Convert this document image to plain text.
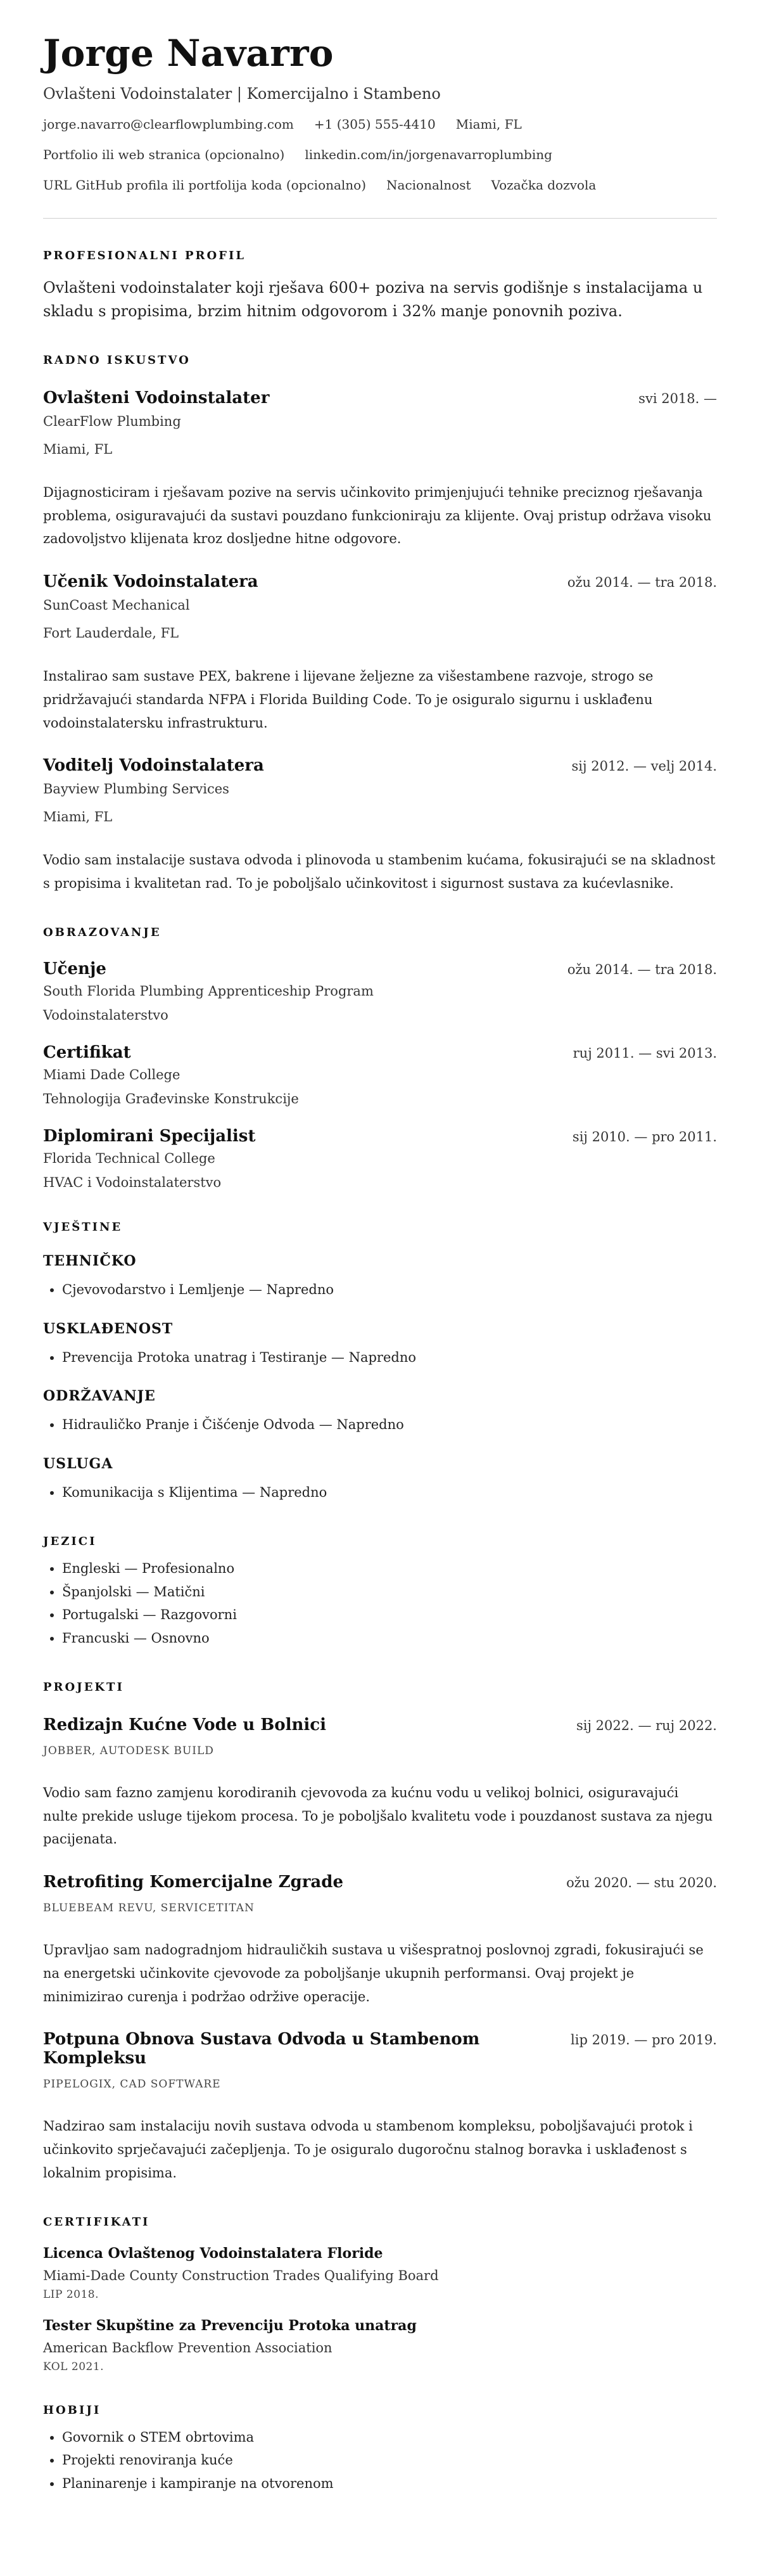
Jorge Navarro
Ovlašteni Vodoinstalater | Komercijalno i Stambeno
jorge.navarro@clearflowplumbing.com +1 (305) 555-4410 Miami, FL
Portfolio ili web stranica (opcionalno) linkedin.com/in/jorgenavarroplumbing
URL GitHub profila ili portfolija koda (opcionalno) Nacionalnost Vozačka dozvola
PROFESIONALNI PROFIL
Ovlašteni vodoinstalater koji rješava 600+ poziva na servis godišnje s instalacijama u skladu s propisima, brzim hitnim odgovorom i 32% manje ponovnih poziva.
RADNO ISKUSTVO
Ovlašteni Vodoinstalater	svi 2018. —
ClearFlow Plumbing
Miami, FL
Dijagnosticiram i rješavam pozive na servis učinkovito primjenjujući tehnike preciznog rješavanja problema, osiguravajući da sustavi pouzdano funkcioniraju za klijente. Ovaj pristup održava visoku zadovoljstvo klijenata kroz dosljedne hitne odgovore.
Učenik Vodoinstalatera	ožu 2014. — tra 2018.
SunCoast Mechanical
Fort Lauderdale, FL
Instalirao sam sustave PEX, bakrene i lijevane željezne za višestambene razvoje, strogo se pridržavajući standarda NFPA i Florida Building Code. To je osiguralo sigurnu i usklađenu vodoinstalatersku infrastrukturu.
Voditelj Vodoinstalatera	sij 2012. — velj 2014.
Bayview Plumbing Services
Miami, FL
Vodio sam instalacije sustava odvoda i plinovoda u stambenim kućama, fokusirajući se na skladnost s propisima i kvalitetan rad. To je poboljšalo učinkovitost i sigurnost sustava za kućevlasnike.
OBRAZOVANJE
Učenje	ožu 2014. — tra 2018.
South Florida Plumbing Apprenticeship Program
Vodoinstalaterstvo
Certifikat	ruj 2011. — svi 2013.
Miami Dade College
Tehnologija Građevinske Konstrukcije
Diplomirani Specijalist	sij 2010. — pro 2011.
Florida Technical College
HVAC i Vodoinstalaterstvo
VJEŠTINE
TEHNIČKO
• Cjevovodarstvo i Lemljenje — Napredno
USKLAĐENOST
• Prevencija Protoka unatrag i Testiranje — Napredno
ODRŽAVANJE
• Hidrauličko Pranje i Čišćenje Odvoda — Napredno
USLUGA
• Komunikacija s Klijentima — Napredno
JEZICI
• Engleski — Profesionalno
• Španjolski — Matični
• Portugalski — Razgovorni
• Francuski — Osnovno
PROJEKTI
Redizajn Kućne Vode u Bolnici	sij 2022. — ruj 2022.
JOBBER, AUTODESK BUILD
Vodio sam fazno zamjenu korodiranih cjevovoda za kućnu vodu u velikoj bolnici, osiguravajući nulte prekide usluge tijekom procesa. To je poboljšalo kvalitetu vode i pouzdanost sustava za njegu pacijenata.
Retrofiting Komercijalne Zgrade	ožu 2020. — stu 2020.
BLUEBEAM REVU, SERVICETITAN
Upravljao sam nadogradnjom hidrauličkih sustava u višespratnoj poslovnoj zgradi, fokusirajući se na energetski učinkovite cjevovode za poboljšanje ukupnih performansi. Ovaj projekt je minimizirao curenja i podržao održive operacije.
Potpuna Obnova Sustava Odvoda u Stambenom Kompleksu
lip 2019. — pro 2019.
PIPELOGIX, CAD SOFTWARE
Nadzirao sam instalaciju novih sustava odvoda u stambenom kompleksu, poboljšavajući protok i učinkovito sprječavajući začepljenja. To je osiguralo dugoročnu stalnog boravka i usklađenost s lokalnim propisima.
CERTIFIKATI
Licenca Ovlaštenog Vodoinstalatera Floride
Miami-Dade County Construction Trades Qualifying Board
LIP 2018.
Tester Skupštine za Prevenciju Protoka unatrag
American Backflow Prevention Association
KOL 2021.
HOBIJI
• Govornik o STEM obrtovima
• Projekti renoviranja kuće
• Planinarenje i kampiranje na otvorenom
